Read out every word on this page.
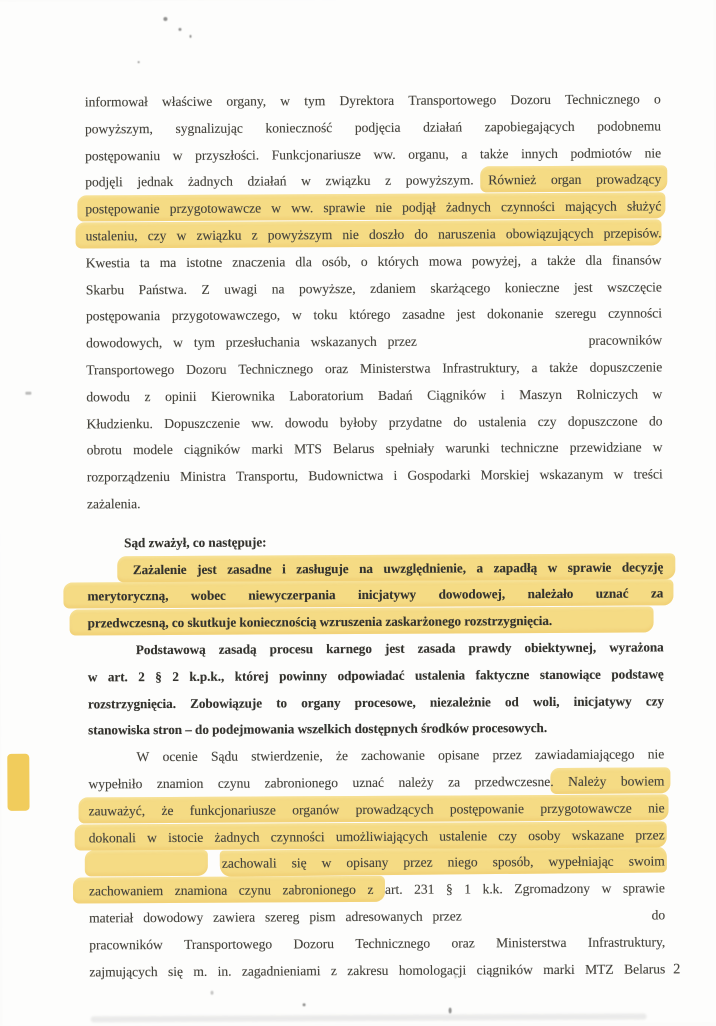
informował właściwe organy, w tym Dyrektora Transportowego Dozoru Technicznego o
powyższym, sygnalizując konieczność podjęcia działań zapobiegających podobnemu
postępowaniu w przyszłości. Funkcjonariusze ww. organu, a także innych podmiotów nie
podjęli jednak żadnych działań w związku z powyższym. Również organ prowadzący
postępowanie przygotowawcze w ww. sprawie nie podjął żadnych czynności mających służyć
ustaleniu, czy w związku z powyższym nie doszło do naruszenia obowiązujących przepisów.
Kwestia ta ma istotne znaczenia dla osób, o których mowa powyżej, a także dla finansów
Skarbu Państwa. Z uwagi na powyższe, zdaniem skarżącego konieczne jest wszczęcie
postępowania przygotowawczego, w toku którego zasadne jest dokonanie szeregu czynności
dowodowych, w tym przesłuchania wskazanych przez	pracowników
Transportowego Dozoru Technicznego oraz Ministerstwa Infrastruktury, a także dopuszczenie
dowodu z opinii Kierownika Laboratorium Badań Ciągników i Maszyn Rolniczych w
Kłudzienku. Dopuszczenie ww. dowodu byłoby przydatne do ustalenia czy dopuszczone do
obrotu modele ciągników marki MTS Belarus spełniały warunki techniczne przewidziane w
rozporządzeniu Ministra Transportu, Budownictwa i Gospodarki Morskiej wskazanym w treści
zażalenia.
Sąd zważył, co następuje:
Zażalenie jest zasadne i zasługuje na uwzględnienie, a zapadłą w sprawie decyzję
merytoryczną, wobec niewyczerpania inicjatywy dowodowej, należało uznać za
przedwczesną, co skutkuje koniecznością wzruszenia zaskarżonego rozstrzygnięcia.
Podstawową zasadą procesu karnego jest zasada prawdy obiektywnej, wyrażona
w art. 2 § 2 k.p.k., której powinny odpowiadać ustalenia faktyczne stanowiące podstawę
rozstrzygnięcia. Zobowiązuje to organy procesowe, niezależnie od woli, inicjatywy czy
stanowiska stron – do podejmowania wszelkich dostępnych środków procesowych.
W ocenie Sądu stwierdzenie, że zachowanie opisane przez zawiadamiającego nie
wypełniło znamion czynu zabronionego uznać należy za przedwczesne. Należy bowiem
zauważyć, że funkcjonariusze organów prowadzących postępowanie przygotowawcze nie
dokonali w istocie żadnych czynności umożliwiających ustalenie czy osoby wskazane przez
zachowali się w opisany przez niego sposób, wypełniając swoim
zachowaniem znamiona czynu zabronionego z art. 231 § 1 k.k. Zgromadzony w sprawie
materiał dowodowy zawiera szereg pism adresowanych przez	do
pracowników Transportowego Dozoru Technicznego oraz Ministerstwa Infrastruktury,
zajmujących się m. in. zagadnieniami z zakresu homologacji ciągników marki MTZ Belarus 2
